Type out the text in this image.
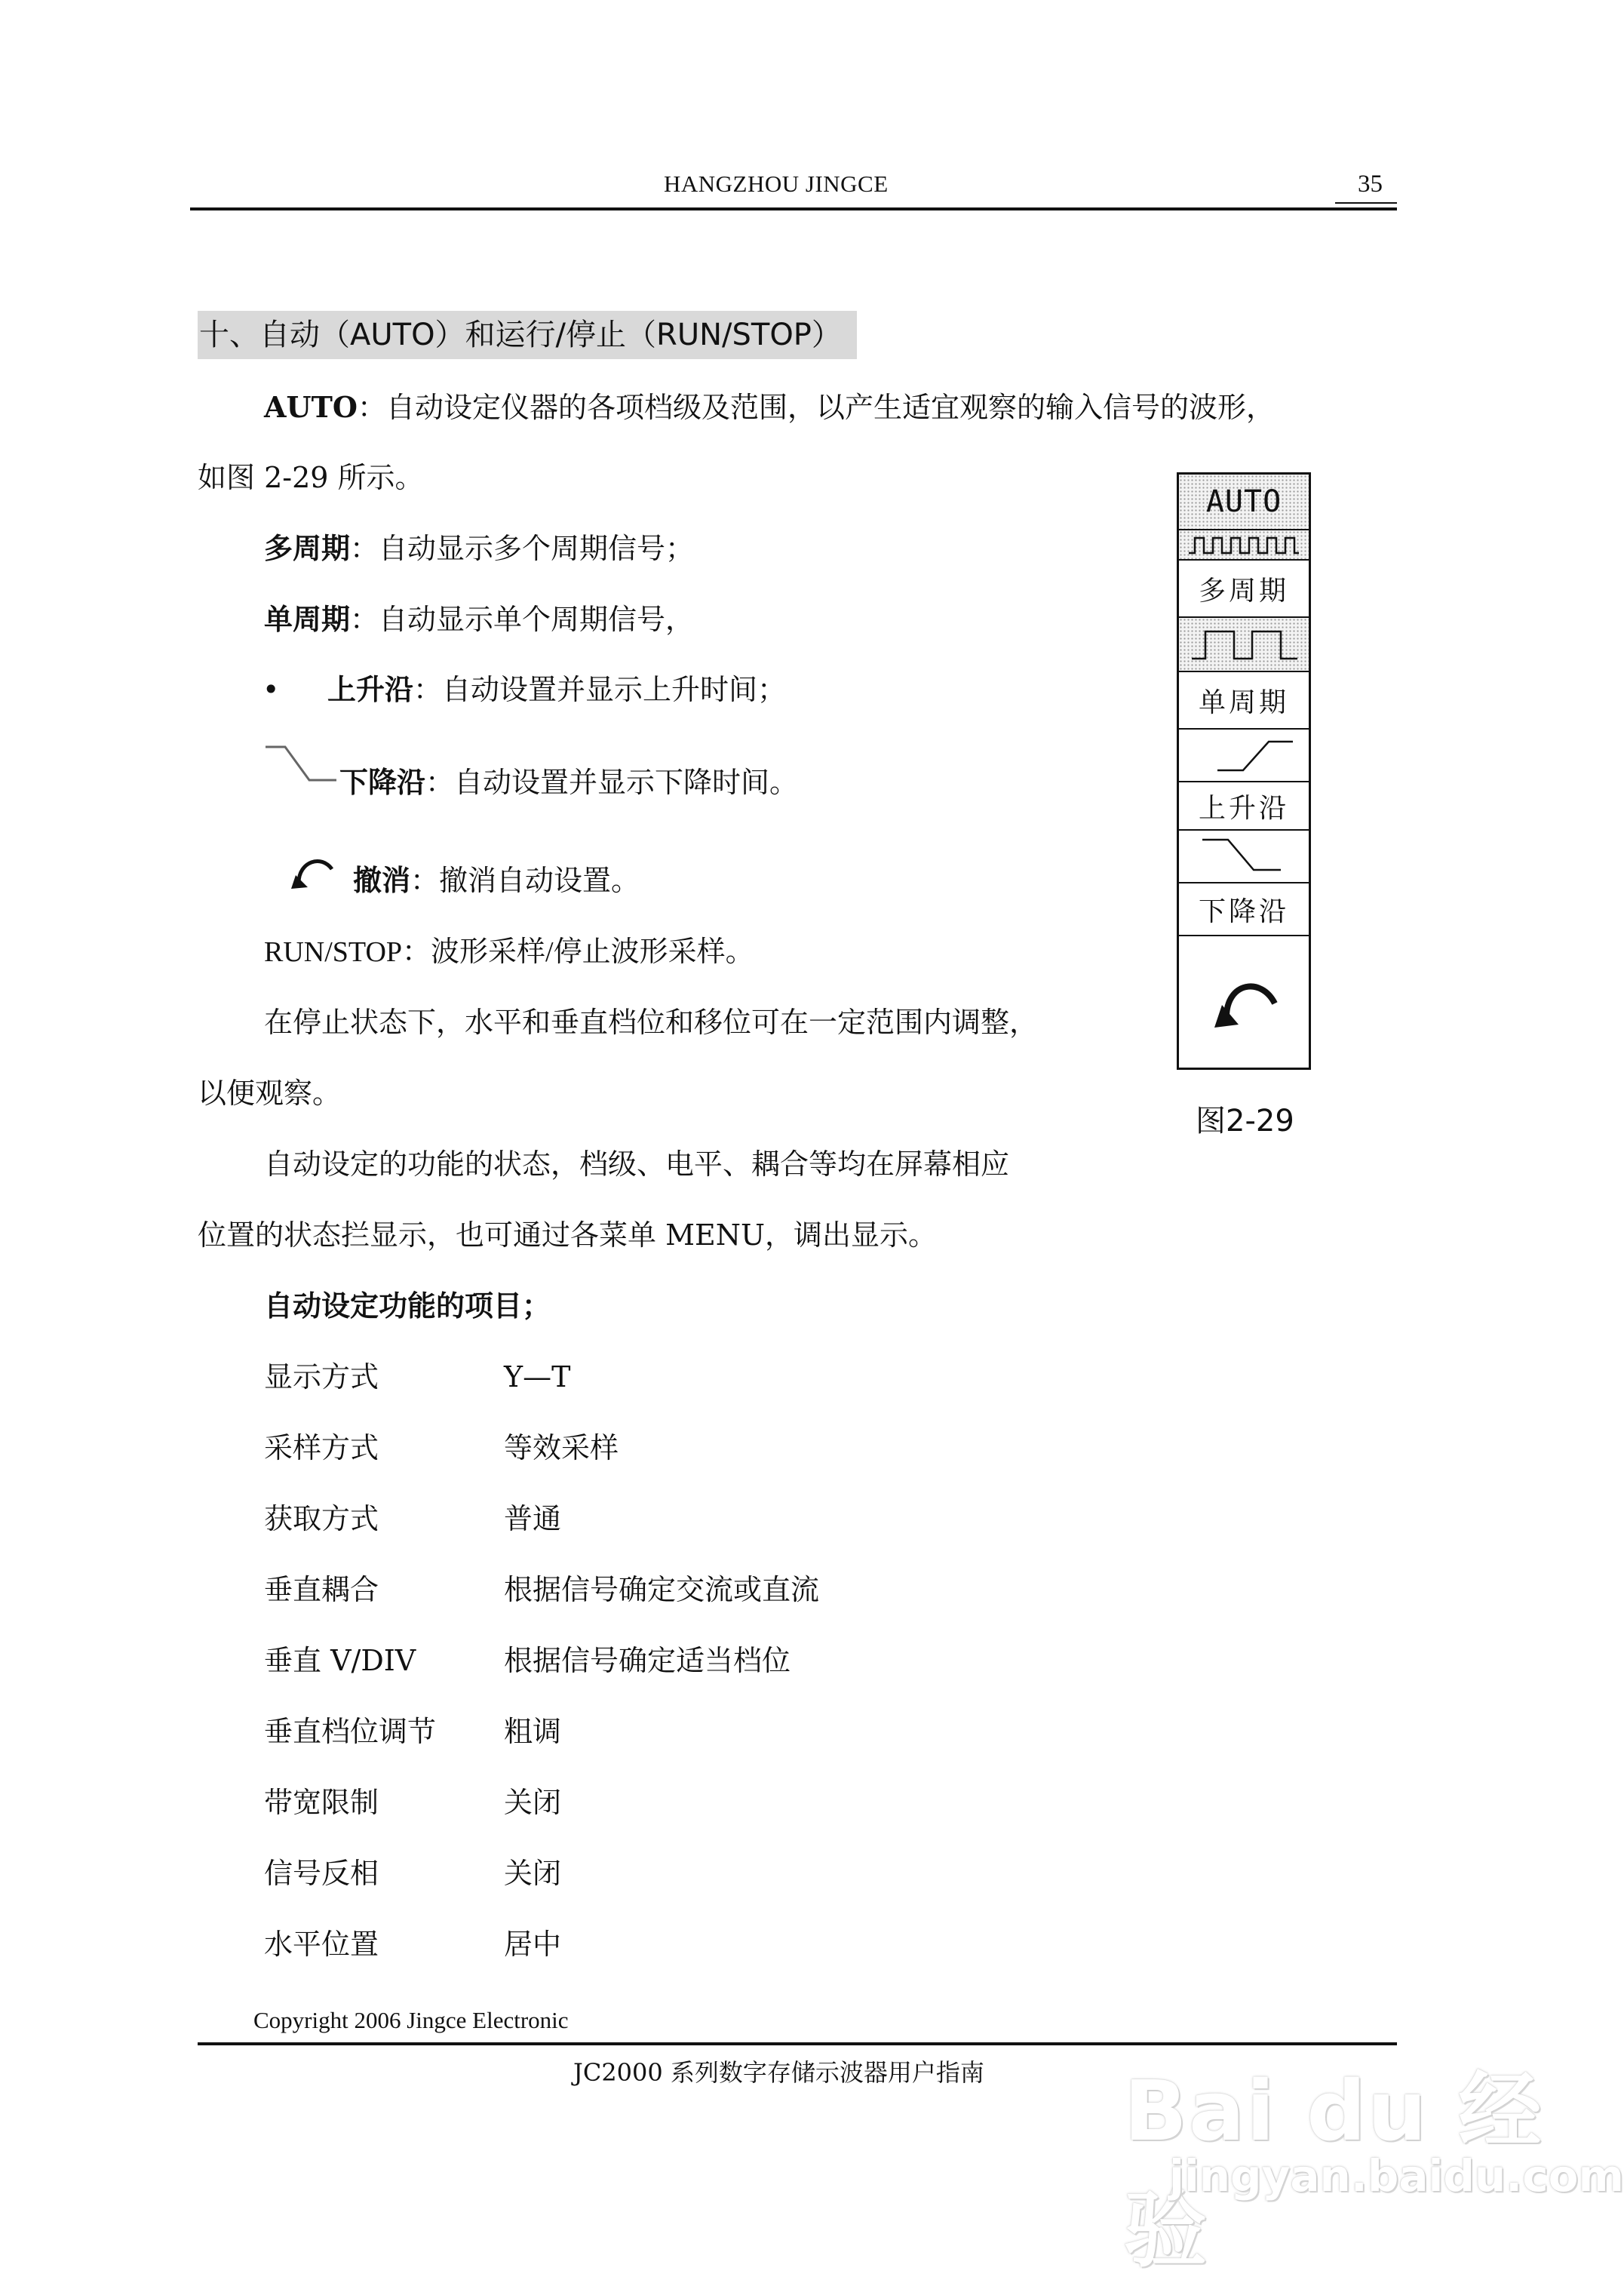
HANGZHOU JINGCE	35
十、自动（AUTO）和运行/停止（RUN/STOP）
AUTO：自动设定仪器的各项档级及范围，以产生适宜观察的输入信号的波形，
如图 2-29 所示。
多周期：自动显示多个周期信号；
单周期：自动显示单个周期信号，
• 上升沿：自动设置并显示上升时间；
下降沿：自动设置并显示下降时间。
撤消：撤消自动设置。
RUN/STOP：波形采样/停止波形采样。
在停止状态下，水平和垂直档位和移位可在一定范围内调整，
以便观察。
自动设定的功能的状态，档级、电平、耦合等均在屏幕相应
位置的状态拦显示，也可通过各菜单 MENU，调出显示。
自动设定功能的项目；
显示方式	Y—T
采样方式	等效采样
获取方式	普通
垂直耦合	根据信号确定交流或直流
垂直 V/DIV	根据信号确定适当档位
垂直档位调节 粗调
带宽限制	关闭
信号反相	关闭
水平位置	居中
AUTO
多周期
单周期
上升沿
下降沿
图2-29
Copyright 2006 Jingce Electronic
JC2000 系列数字存储示波器用户指南 Bai du 经验
jingyan.baidu.com
